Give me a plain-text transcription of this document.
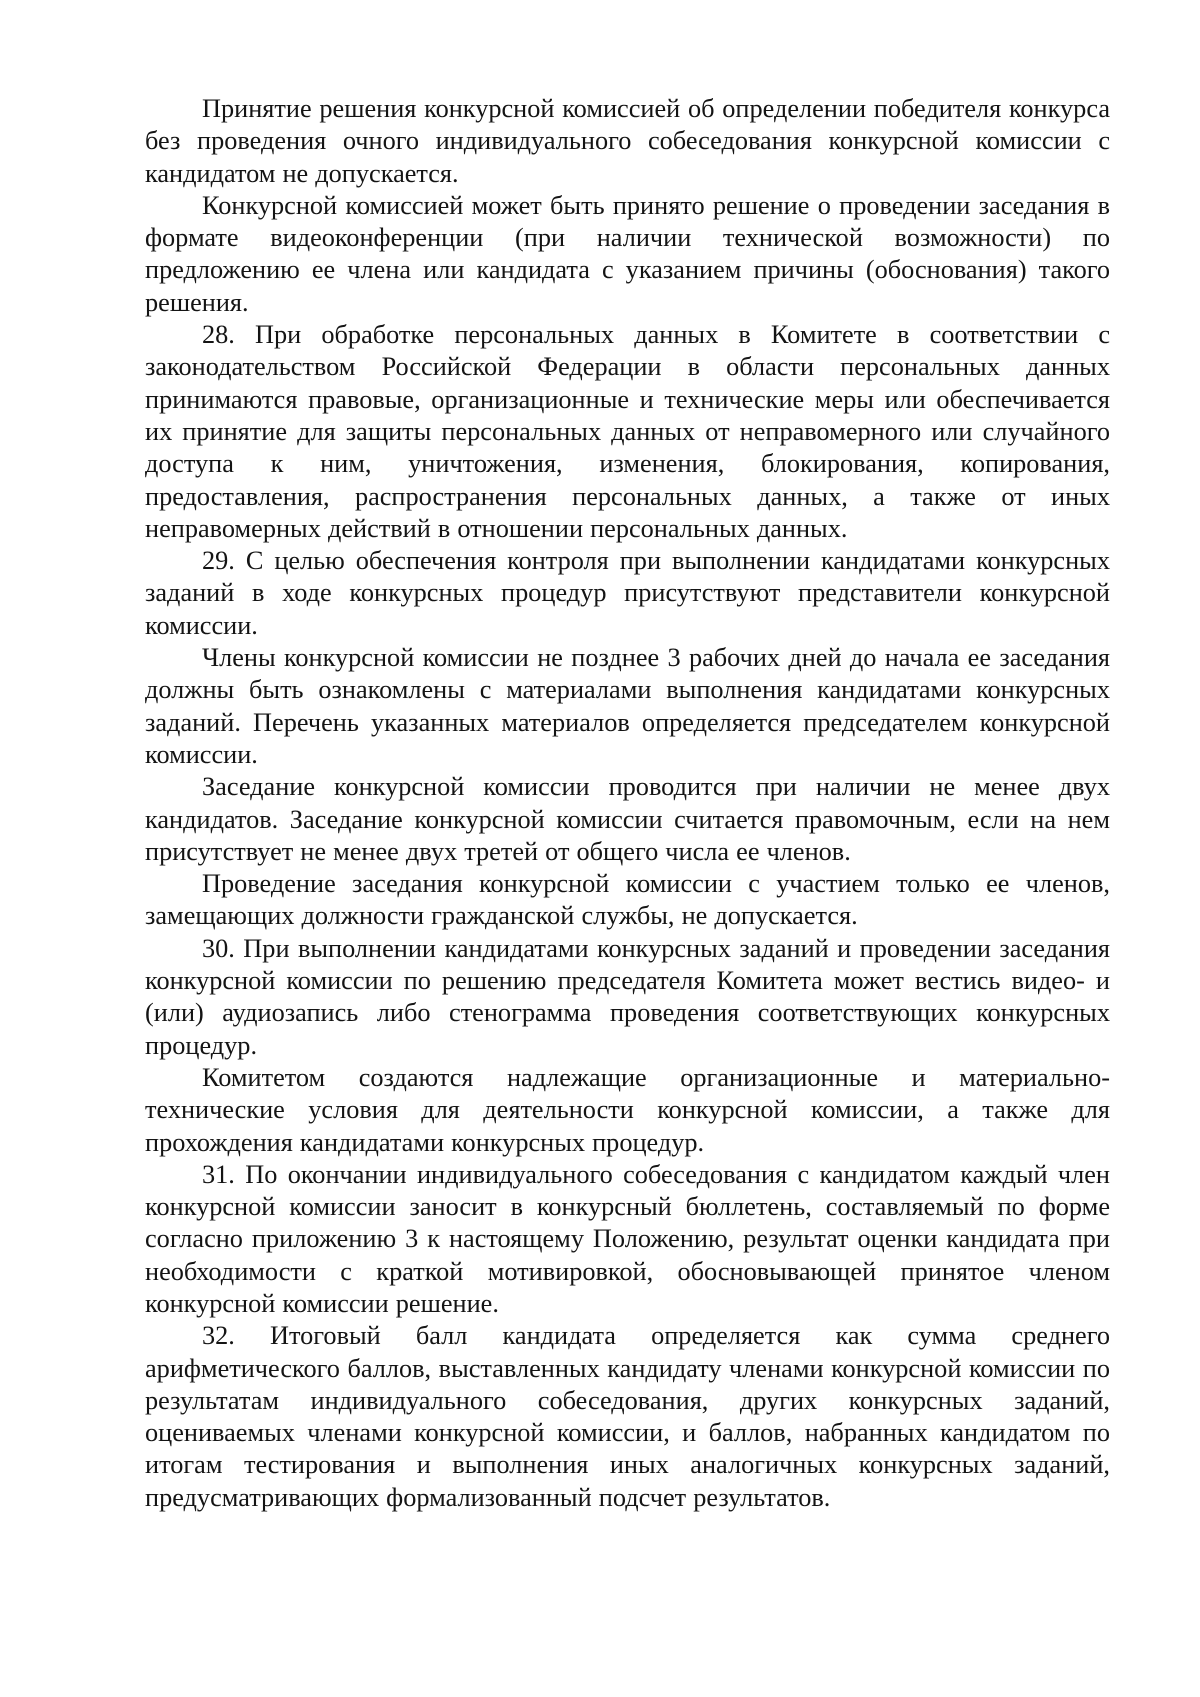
Принятие решения конкурсной комиссией об определении победителя конкурса без проведения очного индивидуального собеседования конкурсной комиссии с кандидатом не допускается.

Конкурсной комиссией может быть принято решение о проведении заседания в формате видеоконференции (при наличии технической возможности) по предложению ее члена или кандидата с указанием причины (обоснования) такого решения.

28. При обработке персональных данных в Комитете в соответствии с законодательством Российской Федерации в области персональных данных принимаются правовые, организационные и технические меры или обеспечивается их принятие для защиты персональных данных от неправомерного или случайного доступа к ним, уничтожения, изменения, блокирования, копирования, предоставления, распространения персональных данных, а также от иных неправомерных действий в отношении персональных данных.

29. С целью обеспечения контроля при выполнении кандидатами конкурсных заданий в ходе конкурсных процедур присутствуют представители конкурсной комиссии.

Члены конкурсной комиссии не позднее 3 рабочих дней до начала ее заседания должны быть ознакомлены с материалами выполнения кандидатами конкурсных заданий. Перечень указанных материалов определяется председателем конкурсной комиссии.

Заседание конкурсной комиссии проводится при наличии не менее двух кандидатов. Заседание конкурсной комиссии считается правомочным, если на нем присутствует не менее двух третей от общего числа ее членов.

Проведение заседания конкурсной комиссии с участием только ее членов, замещающих должности гражданской службы, не допускается.

30. При выполнении кандидатами конкурсных заданий и проведении заседания конкурсной комиссии по решению председателя Комитета может вестись видео- и (или) аудиозапись либо стенограмма проведения соответствующих конкурсных процедур.

Комитетом создаются надлежащие организационные и материально-технические условия для деятельности конкурсной комиссии, а также для прохождения кандидатами конкурсных процедур.

31. По окончании индивидуального собеседования с кандидатом каждый член конкурсной комиссии заносит в конкурсный бюллетень, составляемый по форме согласно приложению 3 к настоящему Положению, результат оценки кандидата при необходимости с краткой мотивировкой, обосновывающей принятое членом конкурсной комиссии решение.

32. Итоговый балл кандидата определяется как сумма среднего арифметического баллов, выставленных кандидату членами конкурсной комиссии по результатам индивидуального собеседования, других конкурсных заданий, оцениваемых членами конкурсной комиссии, и баллов, набранных кандидатом по итогам тестирования и выполнения иных аналогичных конкурсных заданий, предусматривающих формализованный подсчет результатов.
